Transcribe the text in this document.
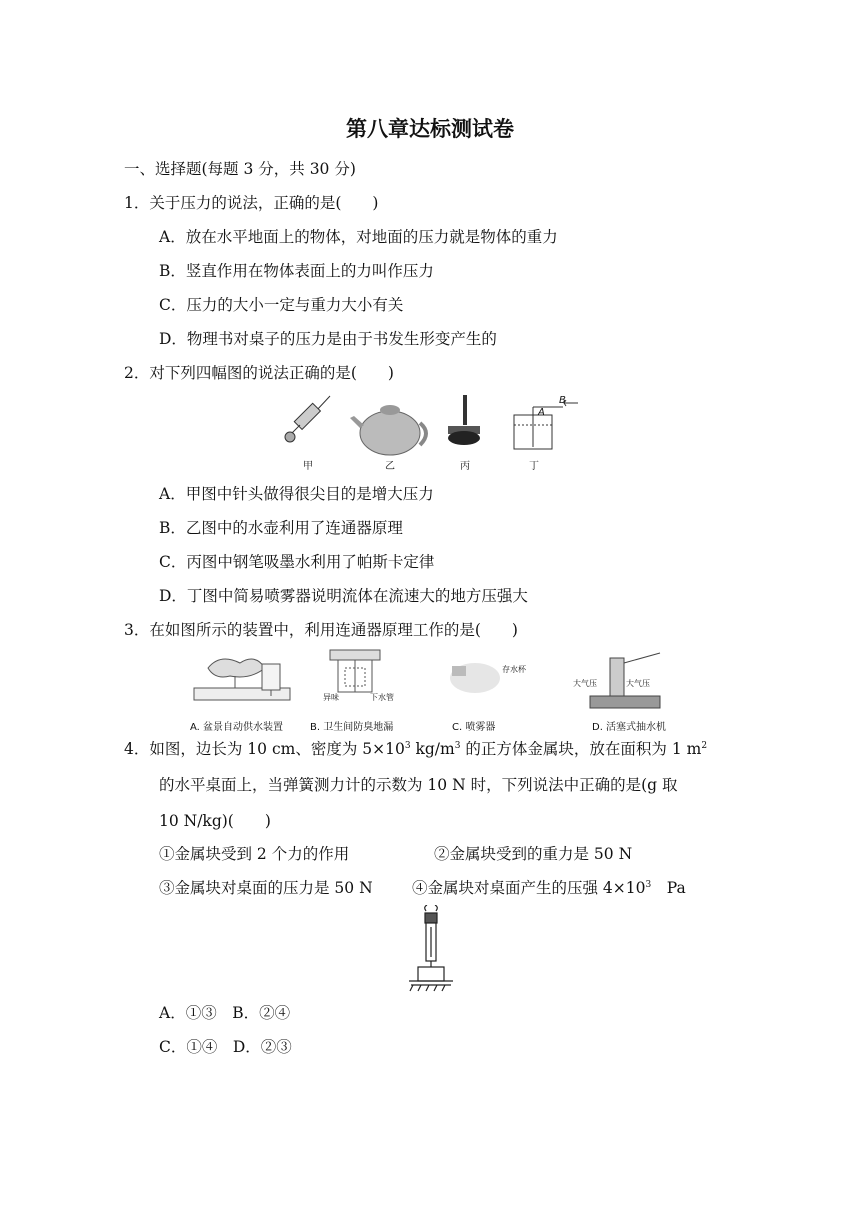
第八章达标测试卷
一、选择题(每题 3 分，共 30 分)
1．关于压力的说法，正确的是(　　)
A．放在水平地面上的物体，对地面的压力就是物体的重力
B．竖直作用在物体表面上的力叫作压力
C．压力的大小一定与重力大小有关
D．物理书对桌子的压力是由于书发生形变产生的
2．对下列四幅图的说法正确的是(　　)
B
A
甲	乙	丙	丁
A．甲图中针头做得很尖目的是增大压力
B．乙图中的水壶利用了连通器原理
C．丙图中钢笔吸墨水利用了帕斯卡定律
D．丁图中简易喷雾器说明流体在流速大的地方压强大
3．在如图所示的装置中，利用连通器原理工作的是(　　)
存水杯
异味	下水管
大气压	大气压
A. 盆景自动供水装置	B. 卫生间防臭地漏	C. 喷雾器	D. 活塞式抽水机
4．如图，边长为 10 cm、密度为 $5\times 10^3$ $kg/m^3$ 的正方体金属块，放在面积为 1 $m^2$
的水平桌面上，当弹簧测力计的示数为 10 N 时，下列说法中正确的是(g 取
10 N/kg)(　　)
①金属块受到 2 个力的作用	②金属块受到的重力是 50 N
③金属块对桌面的压力是 50 N	④金属块对桌面产生的压强 $4\times 10^3$　Pa
A．①③　B．②④
C．①④　D．②③
